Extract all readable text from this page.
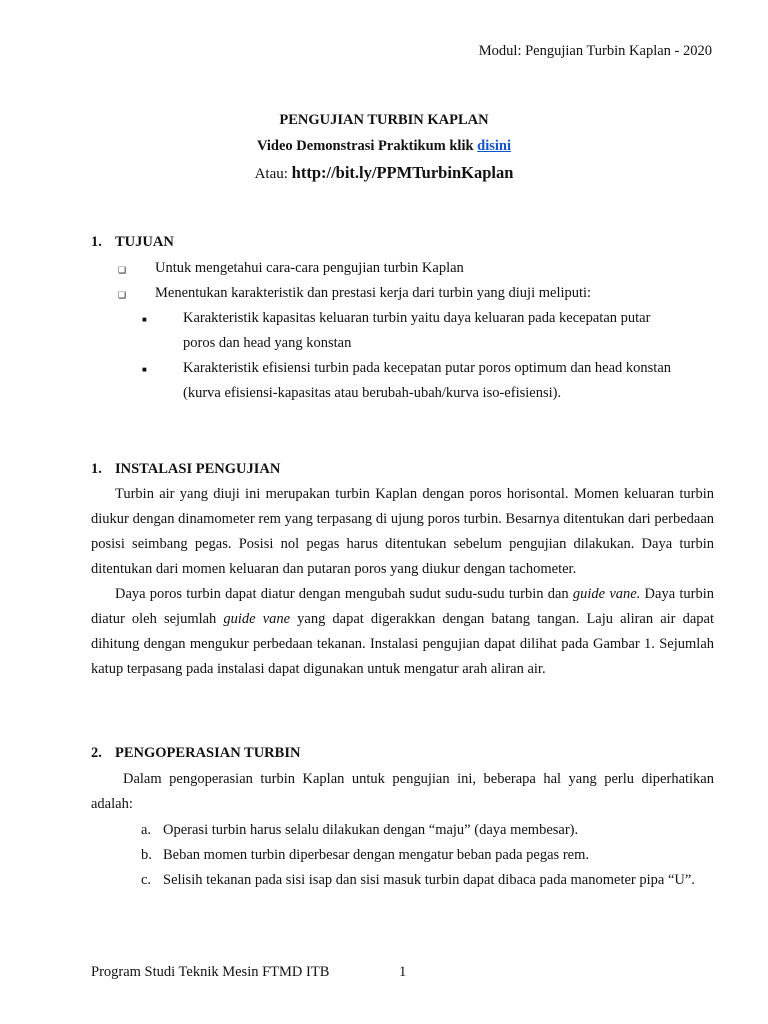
Modul: Pengujian Turbin Kaplan - 2020
PENGUJIAN TURBIN KAPLAN
Video Demonstrasi Praktikum klik disini
Atau: http://bit.ly/PPMTurbinKaplan
1. TUJUAN
❑ Untuk mengetahui cara-cara pengujian turbin Kaplan
❑ Menentukan karakteristik dan prestasi kerja dari turbin yang diuji meliputi:
■ Karakteristik kapasitas keluaran turbin yaitu daya keluaran pada kecepatan putar
poros dan head yang konstan
■ Karakteristik efisiensi turbin pada kecepatan putar poros optimum dan head konstan
(kurva efisiensi-kapasitas atau berubah-ubah/kurva iso-efisiensi).
1. INSTALASI PENGUJIAN

Turbin air yang diuji ini merupakan turbin Kaplan dengan poros horisontal. Momen keluaran turbin diukur dengan dinamometer rem yang terpasang di ujung poros turbin. Besarnya ditentukan dari perbedaan posisi seimbang pegas. Posisi nol pegas harus ditentukan sebelum pengujian dilakukan. Daya turbin ditentukan dari momen keluaran dan putaran poros yang diukur dengan tachometer.

Daya poros turbin dapat diatur dengan mengubah sudut sudu-sudu turbin dan guide vane. Daya turbin diatur oleh sejumlah guide vane yang dapat digerakkan dengan batang tangan. Laju aliran air dapat dihitung dengan mengukur perbedaan tekanan. Instalasi pengujian dapat dilihat pada Gambar 1. Sejumlah katup terpasang pada instalasi dapat digunakan untuk mengatur arah aliran air.

2. PENGOPERASIAN TURBIN

Dalam pengoperasian turbin Kaplan untuk pengujian ini, beberapa hal yang perlu diperhatikan adalah:

a. Operasi turbin harus selalu dilakukan dengan “maju” (daya membesar).
b. Beban momen turbin diperbesar dengan mengatur beban pada pegas rem.
c. Selisih tekanan pada sisi isap dan sisi masuk turbin dapat dibaca pada manometer pipa “U”.
Program Studi Teknik Mesin FTMD ITB	1
